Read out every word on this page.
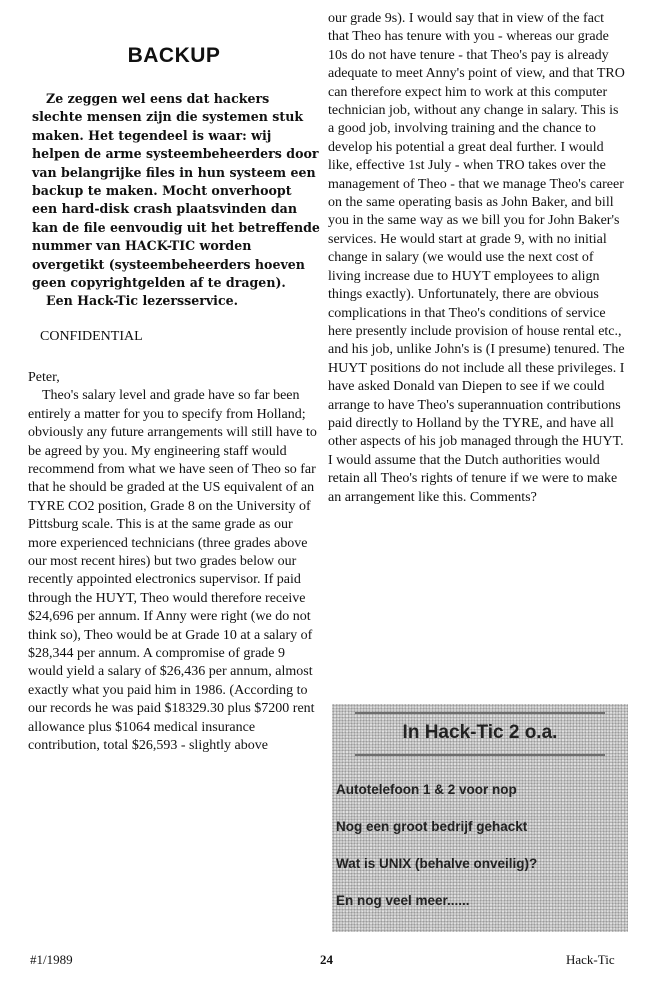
BACKUP

Ze zeggen wel eens dat hackers slechte mensen zijn die systemen stuk maken. Het tegendeel is waar: wij helpen de arme systeembeheerders door van belangrijke files in hun systeem een backup te maken. Mocht onverhoopt een hard-disk crash plaatsvinden dan kan de file eenvoudig uit het betreffende nummer van HACK-TIC worden overgetikt (systeembeheerders hoeven geen copyrightgelden af te dragen).

Een Hack-Tic lezersservice.

CONFIDENTIAL

Peter,

Theo's salary level and grade have so far been entirely a matter for you to specify from Holland; obviously any future arrangements will still have to be agreed by you. My engineering staff would recommend from what we have seen of Theo so far that he should be graded at the US equivalent of an TYRE CO2 position, Grade 8 on the University of Pittsburg scale. This is at the same grade as our more experienced technicians (three grades above our most recent hires) but two grades below our recently appointed electronics supervisor. If paid through the HUYT, Theo would therefore receive $24,696 per annum. If Anny were right (we do not think so), Theo would be at Grade 10 at a salary of $28,344 per annum. A compromise of grade 9 would yield a salary of $26,436 per annum, almost exactly what you paid him in 1986. (According to our records he was paid $18329.30 plus $7200 rent allowance plus $1064 medical insurance contribution, total $26,593 - slightly above

our grade 9s). I would say that in view of the fact that Theo has tenure with you - whereas our grade 10s do not have tenure - that Theo's pay is already adequate to meet Anny's point of view, and that TRO can therefore expect him to work at this computer technician job, without any change in salary. This is a good job, involving training and the chance to develop his potential a great deal further. I would like, effective 1st July - when TRO takes over the management of Theo - that we manage Theo's career on the same operating basis as John Baker, and bill you in the same way as we bill you for John Baker's services. He would start at grade 9, with no initial change in salary (we would use the next cost of living increase due to HUYT employees to align things exactly). Unfortunately, there are obvious complications in that Theo's conditions of service here presently include provision of house rental etc., and his job, unlike John's is (I presume) tenured. The HUYT positions do not include all these privileges. I have asked Donald van Diepen to see if we could arrange to have Theo's superannuation contributions paid directly to Holland by the TYRE, and have all other aspects of his job managed through the HUYT. I would assume that the Dutch authorities would retain all Theo's rights of tenure if we were to make an arrangement like this. Comments?

In Hack-Tic 2 o.a.
Autotelefoon 1 & 2 voor nop
Nog een groot bedrijf gehackt
Wat is UNIX (behalve onveilig)?
En nog veel meer......
#1/1989	24	Hack-Tic
